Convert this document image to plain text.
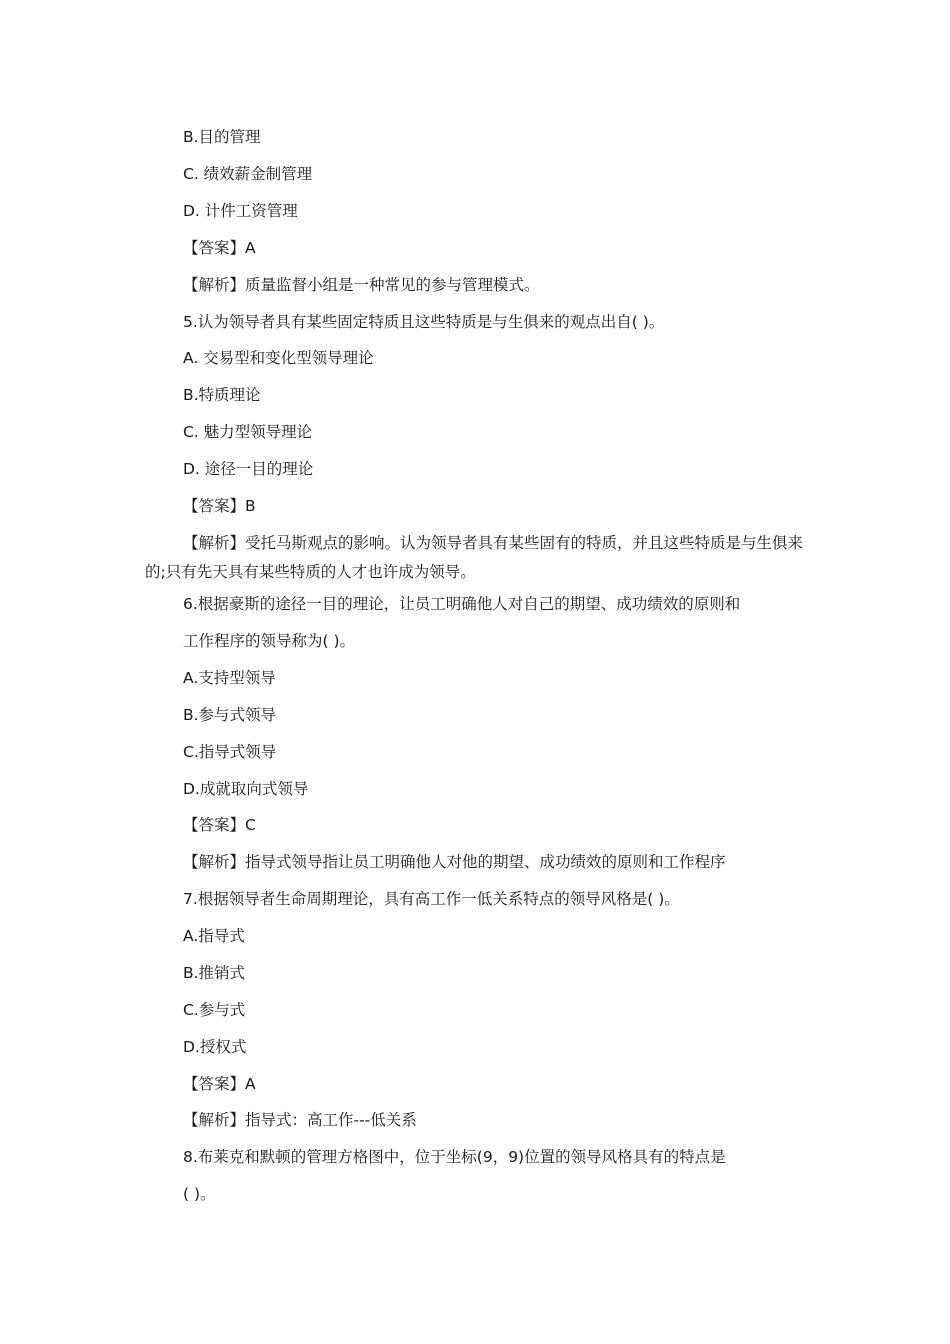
B.目的管理
C. 绩效薪金制管理
D. 计件工资管理
【答案】A
【解析】质量监督小组是一种常见的参与管理模式。
5.认为领导者具有某些固定特质且这些特质是与生俱来的观点出自( )。
A. 交易型和变化型领导理论
B.特质理论
C. 魅力型领导理论
D. 途径一目的理论
【答案】B
【解析】受托马斯观点的影响。认为领导者具有某些固有的特质，并且这些特质是与生俱来的;只有先天具有某些特质的人才也许成为领导。
6.根据豪斯的途径一目的理论，让员工明确他人对自己的期望、成功绩效的原则和
工作程序的领导称为( )。
A.支持型领导
B.参与式领导
C.指导式领导
D.成就取向式领导
【答案】C
【解析】指导式领导指让员工明确他人对他的期望、成功绩效的原则和工作程序
7.根据领导者生命周期理论，具有高工作一低关系特点的领导风格是( )。
A.指导式
B.推销式
C.参与式
D.授权式
【答案】A
【解析】指导式：高工作---低关系
8.布莱克和默顿的管理方格图中，位于坐标(9，9)位置的领导风格具有的特点是
( )。
